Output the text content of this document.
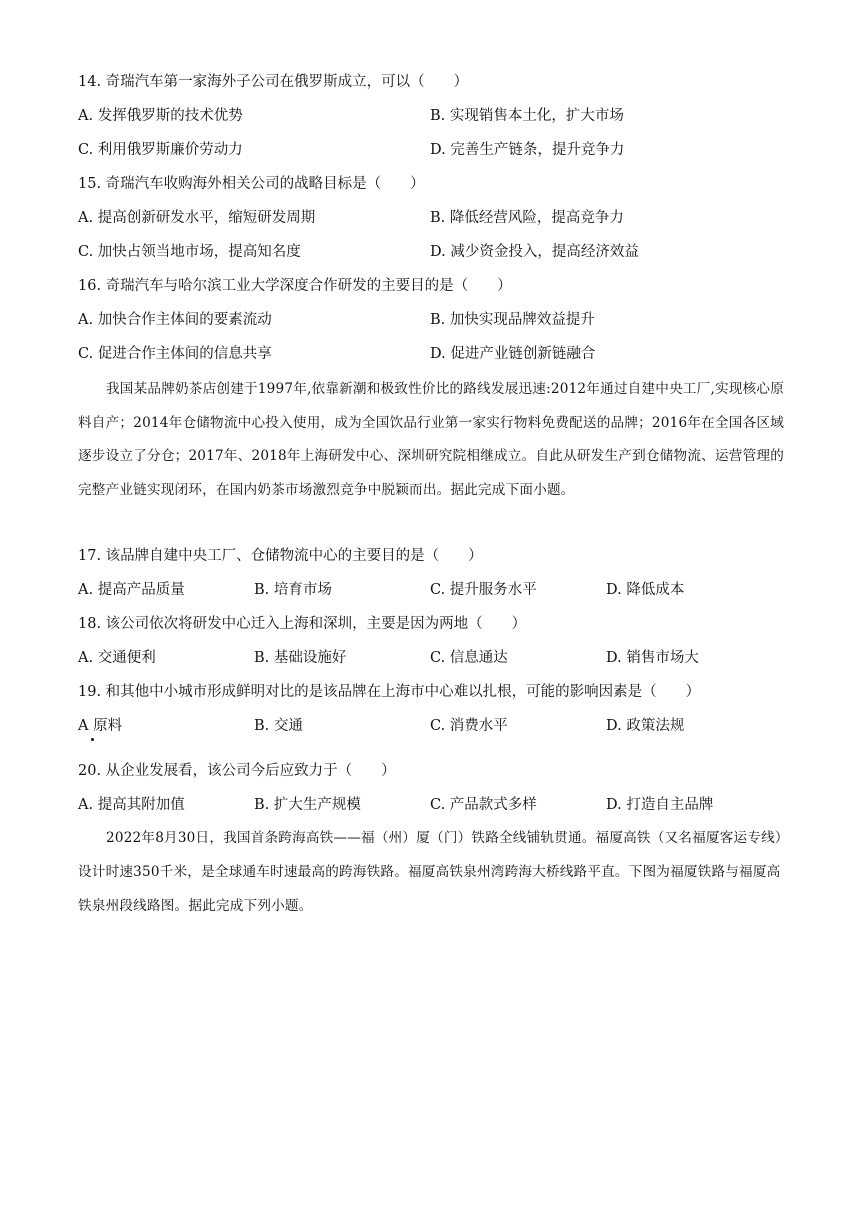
14. 奇瑞汽车第一家海外子公司在俄罗斯成立，可以（　　）
A. 发挥俄罗斯的技术优势	B. 实现销售本土化，扩大市场
C. 利用俄罗斯廉价劳动力	D. 完善生产链条，提升竞争力
15. 奇瑞汽车收购海外相关公司的战略目标是（　　）
A. 提高创新研发水平，缩短研发周期	B. 降低经营风险，提高竞争力
C. 加快占领当地市场，提高知名度	D. 减少资金投入，提高经济效益
16. 奇瑞汽车与哈尔滨工业大学深度合作研发的主要目的是（　　）
A. 加快合作主体间的要素流动	B. 加快实现品牌效益提升
C. 促进合作主体间的信息共享	D. 促进产业链创新链融合
我国某品牌奶茶店创建于1997年,依靠新潮和极致性价比的路线发展迅速:2012年通过自建中央工厂,实现核心原料自产；2014年仓储物流中心投入使用，成为全国饮品行业第一家实行物料免费配送的品牌；2016年在全国各区域逐步设立了分仓；2017年、2018年上海研发中心、深圳研究院相继成立。自此从研发生产到仓储物流、运营管理的完整产业链实现闭环，在国内奶茶市场激烈竞争中脱颖而出。据此完成下面小题。
17. 该品牌自建中央工厂、仓储物流中心的主要目的是（　　）
A. 提高产品质量	B. 培育市场	C. 提升服务水平	D. 降低成本
18. 该公司依次将研发中心迁入上海和深圳，主要是因为两地（　　）
A. 交通便利	B. 基础设施好	C. 信息通达	D. 销售市场大
19. 和其他中小城市形成鲜明对比的是该品牌在上海市中心难以扎根，可能的影响因素是（　　）
A 原料	B. 交通	C. 消费水平	D. 政策法规
20. 从企业发展看，该公司今后应致力于（　　）
A. 提高其附加值	B. 扩大生产规模	C. 产品款式多样	D. 打造自主品牌
2022年8月30日，我国首条跨海高铁——福（州）厦（门）铁路全线铺轨贯通。福厦高铁（又名福厦客运专线）设计时速350千米，是全球通车时速最高的跨海铁路。福厦高铁泉州湾跨海大桥线路平直。下图为福厦铁路与福厦高铁泉州段线路图。据此完成下列小题。
